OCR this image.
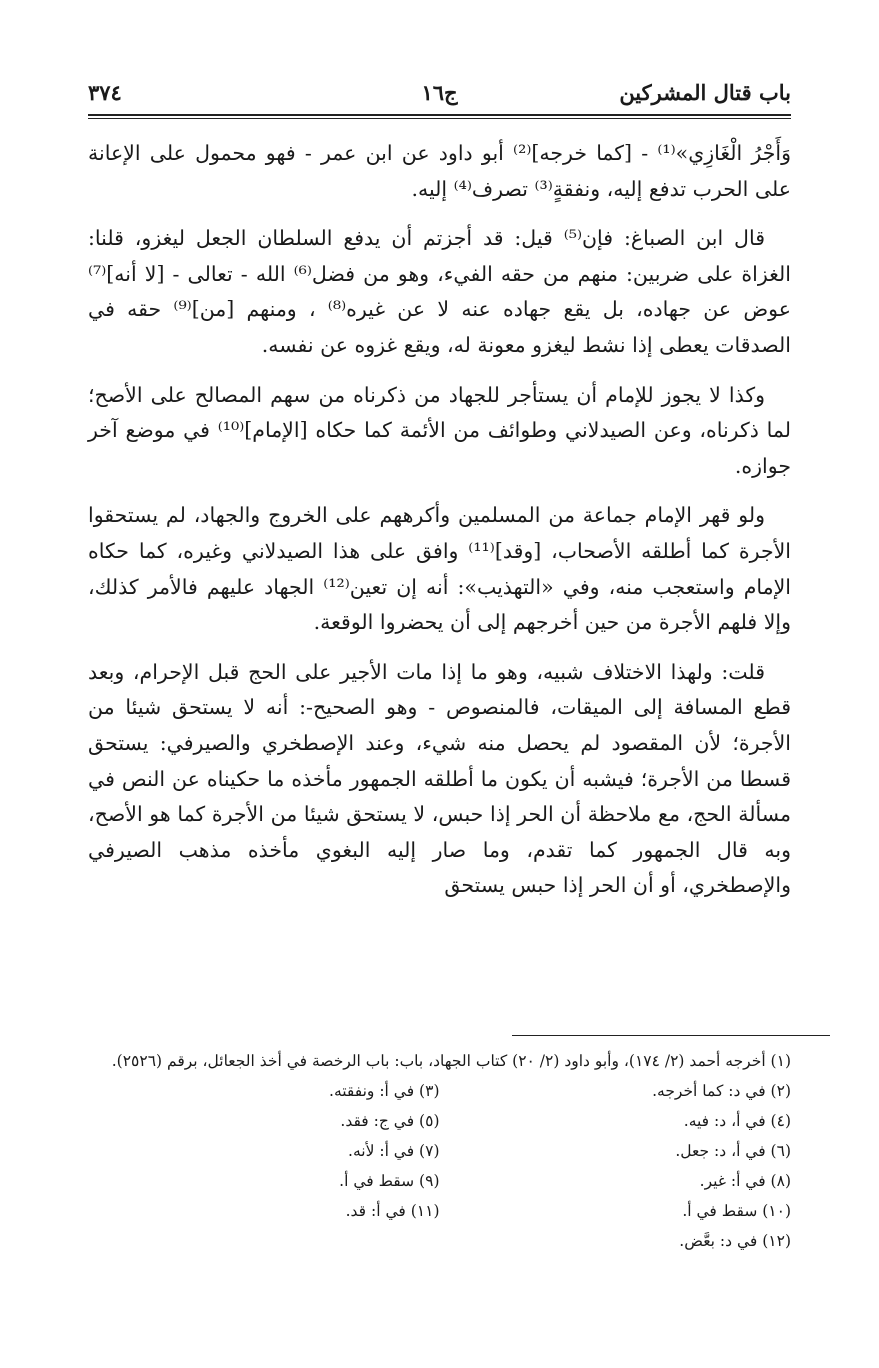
باب قتال المشركين
ج١٦
٣٧٤

وَأَجْرُ الْغَازِي»⁽¹⁾ - [كما خرجه]⁽²⁾ أبو داود عن ابن عمر - فهو محمول على الإعانة على الحرب تدفع إليه، ونفقةٍ⁽³⁾ تصرف⁽⁴⁾ إليه.

قال ابن الصباغ: فإن⁽⁵⁾ قيل: قد أجزتم أن يدفع السلطان الجعل ليغزو، قلنا: الغزاة على ضربين: منهم من حقه الفيء، وهو من فضل⁽⁶⁾ الله - تعالى - [لا أنه]⁽⁷⁾ عوض عن جهاده، بل يقع جهاده عنه لا عن غيره⁽⁸⁾ ، ومنهم [من]⁽⁹⁾ حقه في الصدقات يعطى إذا نشط ليغزو معونة له، ويقع غزوه عن نفسه.

وكذا لا يجوز للإمام أن يستأجر للجهاد من ذكرناه من سهم المصالح على الأصح؛ لما ذكرناه، وعن الصيدلاني وطوائف من الأئمة كما حكاه [الإمام]⁽¹⁰⁾ في موضع آخر جوازه.

ولو قهر الإمام جماعة من المسلمين وأكرههم على الخروج والجهاد، لم يستحقوا الأجرة كما أطلقه الأصحاب، [وقد]⁽¹¹⁾ وافق على هذا الصيدلاني وغيره، كما حكاه الإمام واستعجب منه، وفي «التهذيب»: أنه إن تعين⁽¹²⁾ الجهاد عليهم فالأمر كذلك، وإلا فلهم الأجرة من حين أخرجهم إلى أن يحضروا الوقعة.

قلت: ولهذا الاختلاف شبيه، وهو ما إذا مات الأجير على الحج قبل الإحرام، وبعد قطع المسافة إلى الميقات، فالمنصوص - وهو الصحيح-: أنه لا يستحق شيئا من الأجرة؛ لأن المقصود لم يحصل منه شيء، وعند الإصطخري والصيرفي: يستحق قسطا من الأجرة؛ فيشبه أن يكون ما أطلقه الجمهور مأخذه ما حكيناه عن النص في مسألة الحج، مع ملاحظة أن الحر إذا حبس، لا يستحق شيئا من الأجرة كما هو الأصح، وبه قال الجمهور كما تقدم، وما صار إليه البغوي مأخذه مذهب الصيرفي والإصطخري، أو أن الحر إذا حبس يستحق

(١) أخرجه أحمد (٢/ ١٧٤)، وأبو داود (٢/ ٢٠) كتاب الجهاد، باب: باب الرخصة في أخذ الجعائل، برقم (٢٥٢٦).
(٢) في د: كما أخرجه.
(٣) في أ: ونفقته.
(٤) في أ، د: فيه.
(٥) في ج: فقد.
(٦) في أ، د: جعل.
(٧) في أ: لأنه.
(٨) في أ: غير.
(٩) سقط في أ.
(١٠) سقط في أ.
(١١) في أ: قد.
(١٢) في د: بعَّض.
